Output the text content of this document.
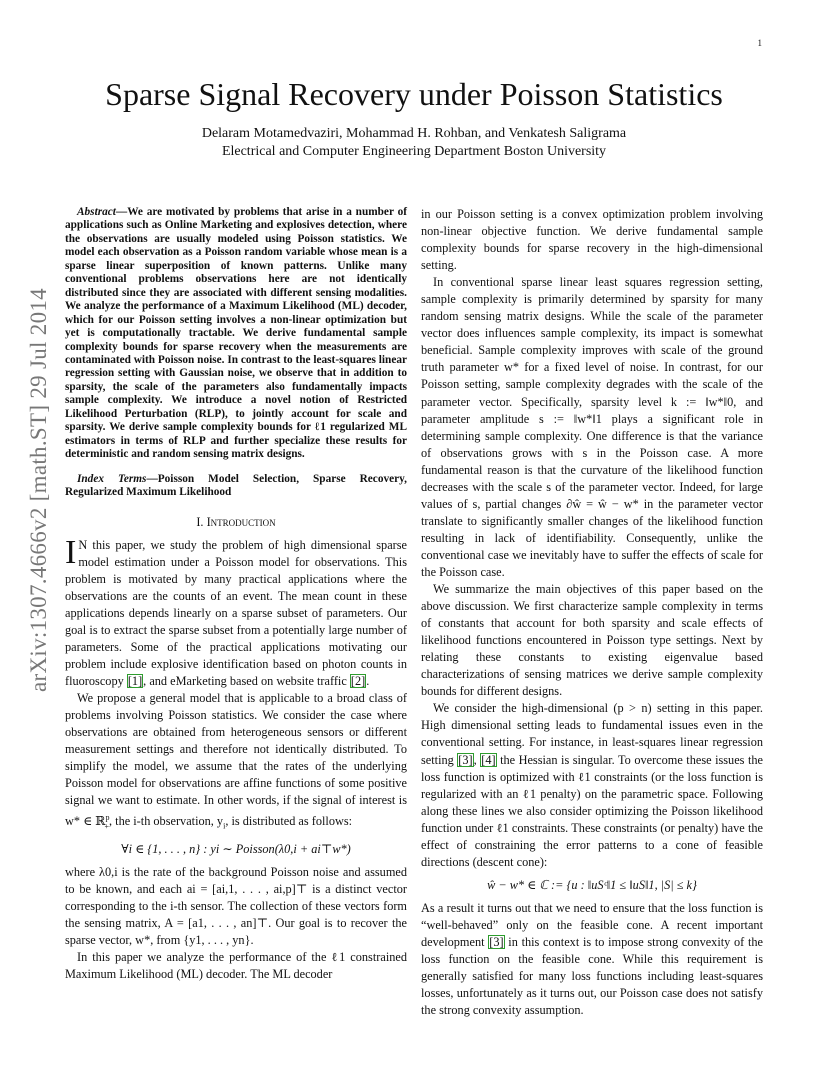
1
arXiv:1307.4666v2 [math.ST] 29 Jul 2014
Sparse Signal Recovery under Poisson Statistics
Delaram Motamedvaziri, Mohammad H. Rohban, and Venkatesh Saligrama
Electrical and Computer Engineering Department Boston University

Abstract—We are motivated by problems that arise in a number of applications such as Online Marketing and explosives detection, where the observations are usually modeled using Poisson statistics. We model each observation as a Poisson random variable whose mean is a sparse linear superposition of known patterns. Unlike many conventional problems observations here are not identically distributed since they are associated with different sensing modalities. We analyze the performance of a Maximum Likelihood (ML) decoder, which for our Poisson setting involves a non-linear optimization but yet is computationally tractable. We derive fundamental sample complexity bounds for sparse recovery when the measurements are contaminated with Poisson noise. In contrast to the least-squares linear regression setting with Gaussian noise, we observe that in addition to sparsity, the scale of the parameters also fundamentally impacts sample complexity. We introduce a novel notion of Restricted Likelihood Perturbation (RLP), to jointly account for scale and sparsity. We derive sample complexity bounds for ℓ1 regularized ML estimators in terms of RLP and further specialize these results for deterministic and random sensing matrix designs.

Index Terms—Poisson Model Selection, Sparse Recovery, Regularized Maximum Likelihood

I. Introduction

I N this paper, we study the problem of high dimensional sparse model estimation under a Poisson model for observations. This problem is motivated by many practical applications where the observations are the counts of an event. The mean count in these applications depends linearly on a sparse subset of parameters. Our goal is to extract the sparse subset from a potentially large number of parameters. Some of the practical applications motivating our problem include explosive identification based on photon counts in fluoroscopy [1], and eMarketing based on website traffic [2].

We propose a general model that is applicable to a broad class of problems involving Poisson statistics. We consider the case where observations are obtained from heterogeneous sensors or different measurement settings and therefore not identically distributed. To simplify the model, we assume that the rates of the underlying Poisson model for observations are affine functions of some positive signal we want to estimate. In other words, if the signal of interest is w* ∈ ℝ$^p_+$, the i-th observation, $y_i$, is distributed as follows:

∀i ∈ {1, . . . , n} : yi ∼ Poisson(λ0,i + ai⊤w*)

where λ0,i is the rate of the background Poisson noise and assumed to be known, and each ai = [ai,1, . . . , ai,p]⊤ is a distinct vector corresponding to the i-th sensor. The collection of these vectors form the sensing matrix, A = [a1, . . . , an]⊤. Our goal is to recover the sparse vector, w*, from {y1, . . . , yn}.

In this paper we analyze the performance of the ℓ1 constrained Maximum Likelihood (ML) decoder. The ML decoder

in our Poisson setting is a convex optimization problem involving non-linear objective function. We derive fundamental sample complexity bounds for sparse recovery in the high-dimensional setting.

In conventional sparse linear least squares regression setting, sample complexity is primarily determined by sparsity for many random sensing matrix designs. While the scale of the parameter vector does influences sample complexity, its impact is somewhat beneficial. Sample complexity improves with scale of the ground truth parameter w* for a fixed level of noise. In contrast, for our Poisson setting, sample complexity degrades with the scale of the parameter vector. Specifically, sparsity level k := ‖w*‖0, and parameter amplitude s := ‖w*‖1 plays a significant role in determining sample complexity. One difference is that the variance of observations grows with s in the Poisson case. A more fundamental reason is that the curvature of the likelihood function decreases with the scale s of the parameter vector. Indeed, for large values of s, partial changes ∂ŵ = ŵ − w* in the parameter vector translate to significantly smaller changes of the likelihood function resulting in lack of identifiability. Consequently, unlike the conventional case we inevitably have to suffer the effects of scale for the Poisson case.

We summarize the main objectives of this paper based on the above discussion. We first characterize sample complexity in terms of constants that account for both sparsity and scale effects of likelihood functions encountered in Poisson type settings. Next by relating these constants to existing eigenvalue based characterizations of sensing matrices we derive sample complexity bounds for different designs.

We consider the high-dimensional (p > n) setting in this paper. High dimensional setting leads to fundamental issues even in the conventional setting. For instance, in least-squares linear regression setting [3], [4] the Hessian is singular. To overcome these issues the loss function is optimized with ℓ1 constraints (or the loss function is regularized with an ℓ1 penalty) on the parametric space. Following along these lines we also consider optimizing the Poisson likelihood function under ℓ1 constraints. These constraints (or penalty) have the effect of constraining the error patterns to a cone of feasible directions (descent cone):

ŵ − w* ∈ ℂ := {u : ‖uSᶜ‖1 ≤ ‖uS‖1, |S| ≤ k}

As a result it turns out that we need to ensure that the loss function is “well-behaved” only on the feasible cone. A recent important development [3] in this context is to impose strong convexity of the loss function on the feasible cone. While this requirement is generally satisfied for many loss functions including least-squares losses, unfortunately as it turns out, our Poisson case does not satisfy the strong convexity assumption.
